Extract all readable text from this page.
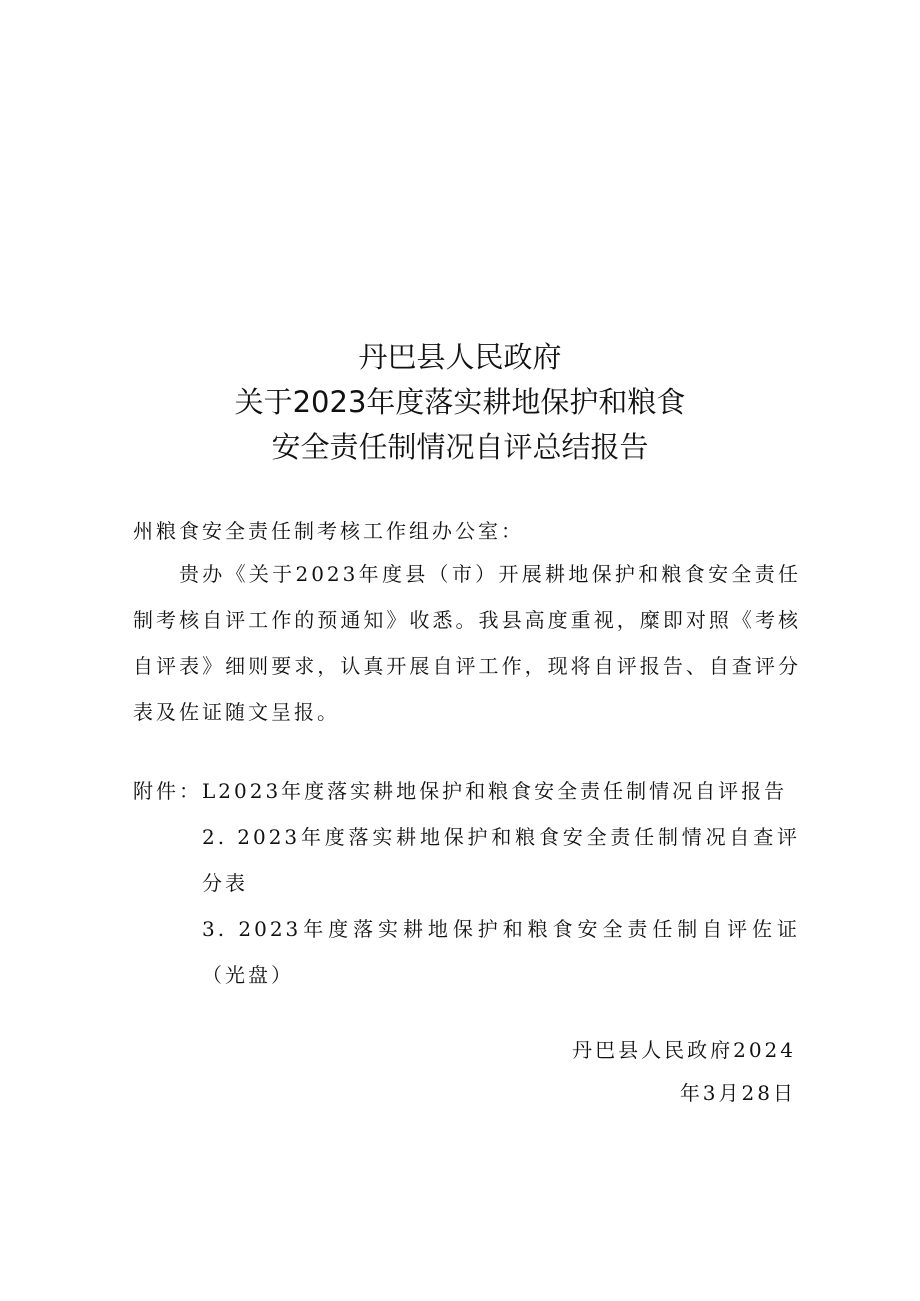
丹巴县人民政府
关于2023年度落实耕地保护和粮食
安全责任制情况自评总结报告

州粮食安全责任制考核工作组办公室：

贵办《关于2023年度县（市）开展耕地保护和粮食安全责任制考核自评工作的预通知》收悉。我县高度重视，糜即对照《考核自评表》细则要求，认真开展自评工作，现将自评报告、自查评分表及佐证随文呈报。

附件：L2023年度落实耕地保护和粮食安全责任制情况自评报告

2. 2023年度落实耕地保护和粮食安全责任制情况自查评分表

3. 2023年度落实耕地保护和粮食安全责任制自评佐证（光盘）

丹巴县人民政府2024

年3月28日
